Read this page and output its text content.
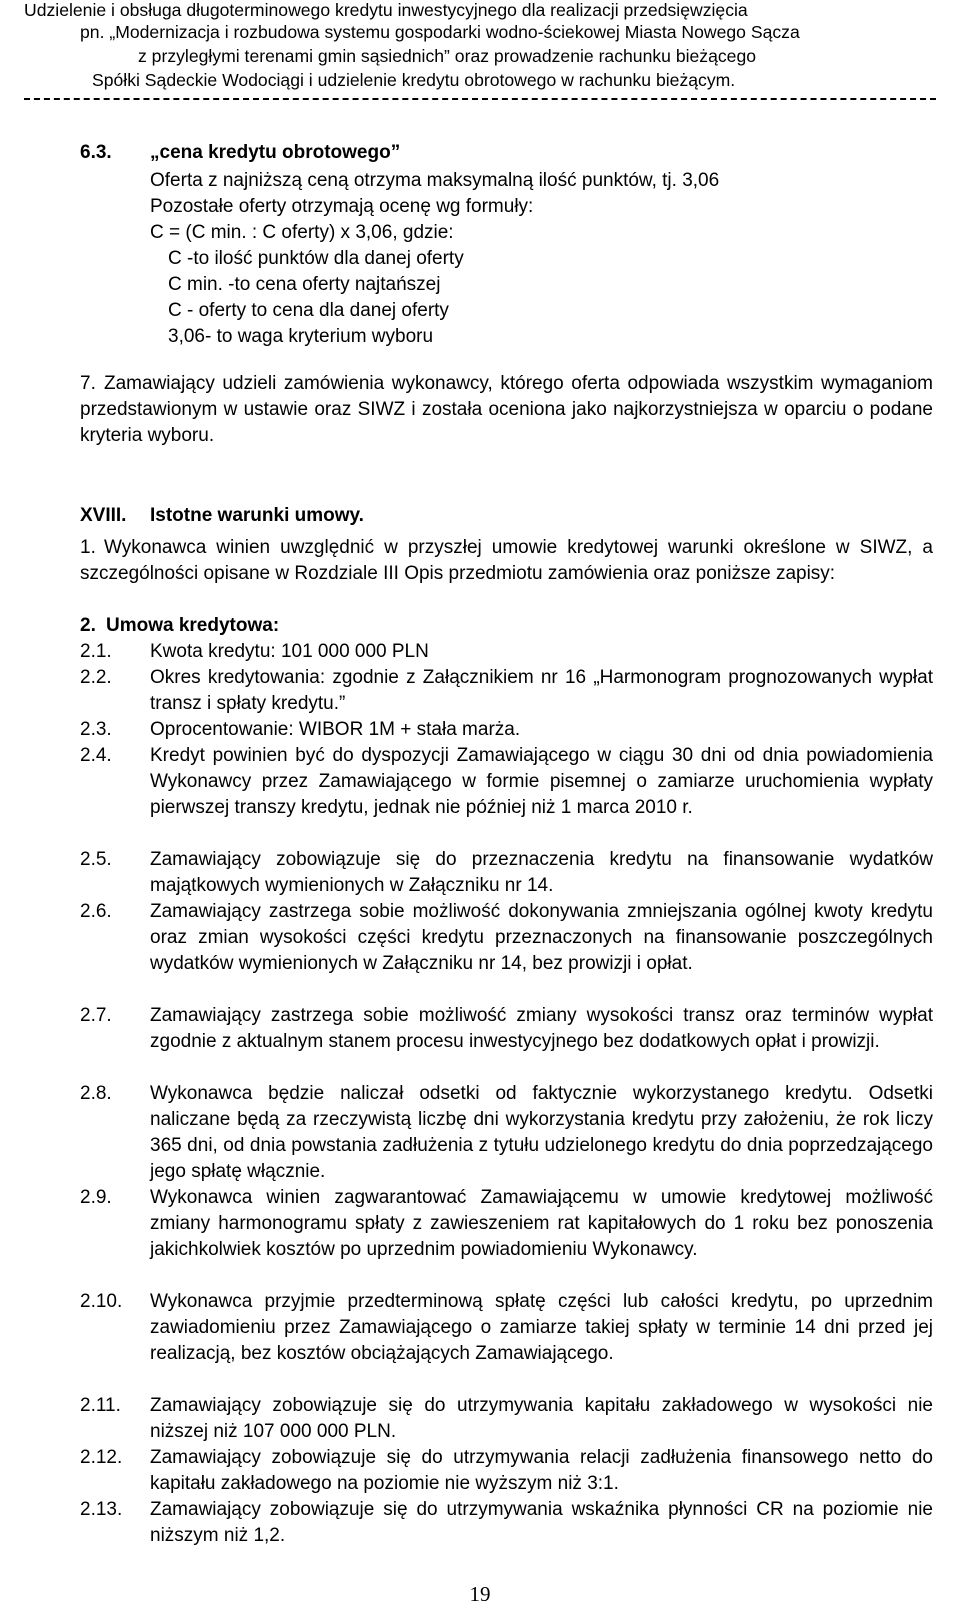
Udzielenie i obsługa długoterminowego kredytu inwestycyjnego dla realizacji przedsięwzięcia
pn. „Modernizacja i rozbudowa systemu gospodarki wodno-ściekowej Miasta Nowego Sącza
z przyległymi terenami gmin sąsiednich” oraz prowadzenie rachunku bieżącego
Spółki Sądeckie Wodociągi i udzielenie kredytu obrotowego w rachunku bieżącym.
6.3. „cena kredytu obrotowego”
Oferta z najniższą ceną otrzyma maksymalną ilość punktów, tj. 3,06
Pozostałe oferty otrzymają ocenę wg formuły:
C = (C min. : C oferty) x 3,06, gdzie:
C -to ilość punktów dla danej oferty
C min. -to cena oferty najtańszej
C - oferty to cena dla danej oferty
3,06- to waga kryterium wyboru
7. Zamawiający udzieli zamówienia wykonawcy, którego oferta odpowiada wszystkim wymaganiom przedstawionym w ustawie oraz SIWZ i została oceniona jako najkorzystniejsza w oparciu o podane kryteria wyboru.
XVIII. Istotne warunki umowy.
1. Wykonawca winien uwzględnić w przyszłej umowie kredytowej warunki określone w SIWZ, a szczególności opisane w Rozdziale III Opis przedmiotu zamówienia oraz poniższe zapisy:
2. Umowa kredytowa:
2.1. Kwota kredytu: 101 000 000 PLN
2.2. Okres kredytowania: zgodnie z Załącznikiem nr 16 „Harmonogram prognozowanych wypłat transz i spłaty kredytu.”
2.3. Oprocentowanie: WIBOR 1M + stała marża.
2.4. Kredyt powinien być do dyspozycji Zamawiającego w ciągu 30 dni od dnia powiadomienia Wykonawcy przez Zamawiającego w formie pisemnej o zamiarze uruchomienia wypłaty pierwszej transzy kredytu, jednak nie później niż 1 marca 2010 r.
2.5. Zamawiający zobowiązuje się do przeznaczenia kredytu na finansowanie wydatków majątkowych wymienionych w Załączniku nr 14.
2.6. Zamawiający zastrzega sobie możliwość dokonywania zmniejszania ogólnej kwoty kredytu oraz zmian wysokości części kredytu przeznaczonych na finansowanie poszczególnych wydatków wymienionych w Załączniku nr 14, bez prowizji i opłat.
2.7. Zamawiający zastrzega sobie możliwość zmiany wysokości transz oraz terminów wypłat zgodnie z aktualnym stanem procesu inwestycyjnego bez dodatkowych opłat i prowizji.
2.8. Wykonawca będzie naliczał odsetki od faktycznie wykorzystanego kredytu. Odsetki naliczane będą za rzeczywistą liczbę dni wykorzystania kredytu przy założeniu, że rok liczy 365 dni, od dnia powstania zadłużenia z tytułu udzielonego kredytu do dnia poprzedzającego jego spłatę włącznie.
2.9. Wykonawca winien zagwarantować Zamawiającemu w umowie kredytowej możliwość zmiany harmonogramu spłaty z zawieszeniem rat kapitałowych do 1 roku bez ponoszenia jakichkolwiek kosztów po uprzednim powiadomieniu Wykonawcy.
2.10. Wykonawca przyjmie przedterminową spłatę części lub całości kredytu, po uprzednim zawiadomieniu przez Zamawiającego o zamiarze takiej spłaty w terminie 14 dni przed jej realizacją, bez kosztów obciążających Zamawiającego.
2.11. Zamawiający zobowiązuje się do utrzymywania kapitału zakładowego w wysokości nie niższej niż 107 000 000 PLN.
2.12. Zamawiający zobowiązuje się do utrzymywania relacji zadłużenia finansowego netto do kapitału zakładowego na poziomie nie wyższym niż 3:1.
2.13. Zamawiający zobowiązuje się do utrzymywania wskaźnika płynności CR na poziomie nie niższym niż 1,2.
19
